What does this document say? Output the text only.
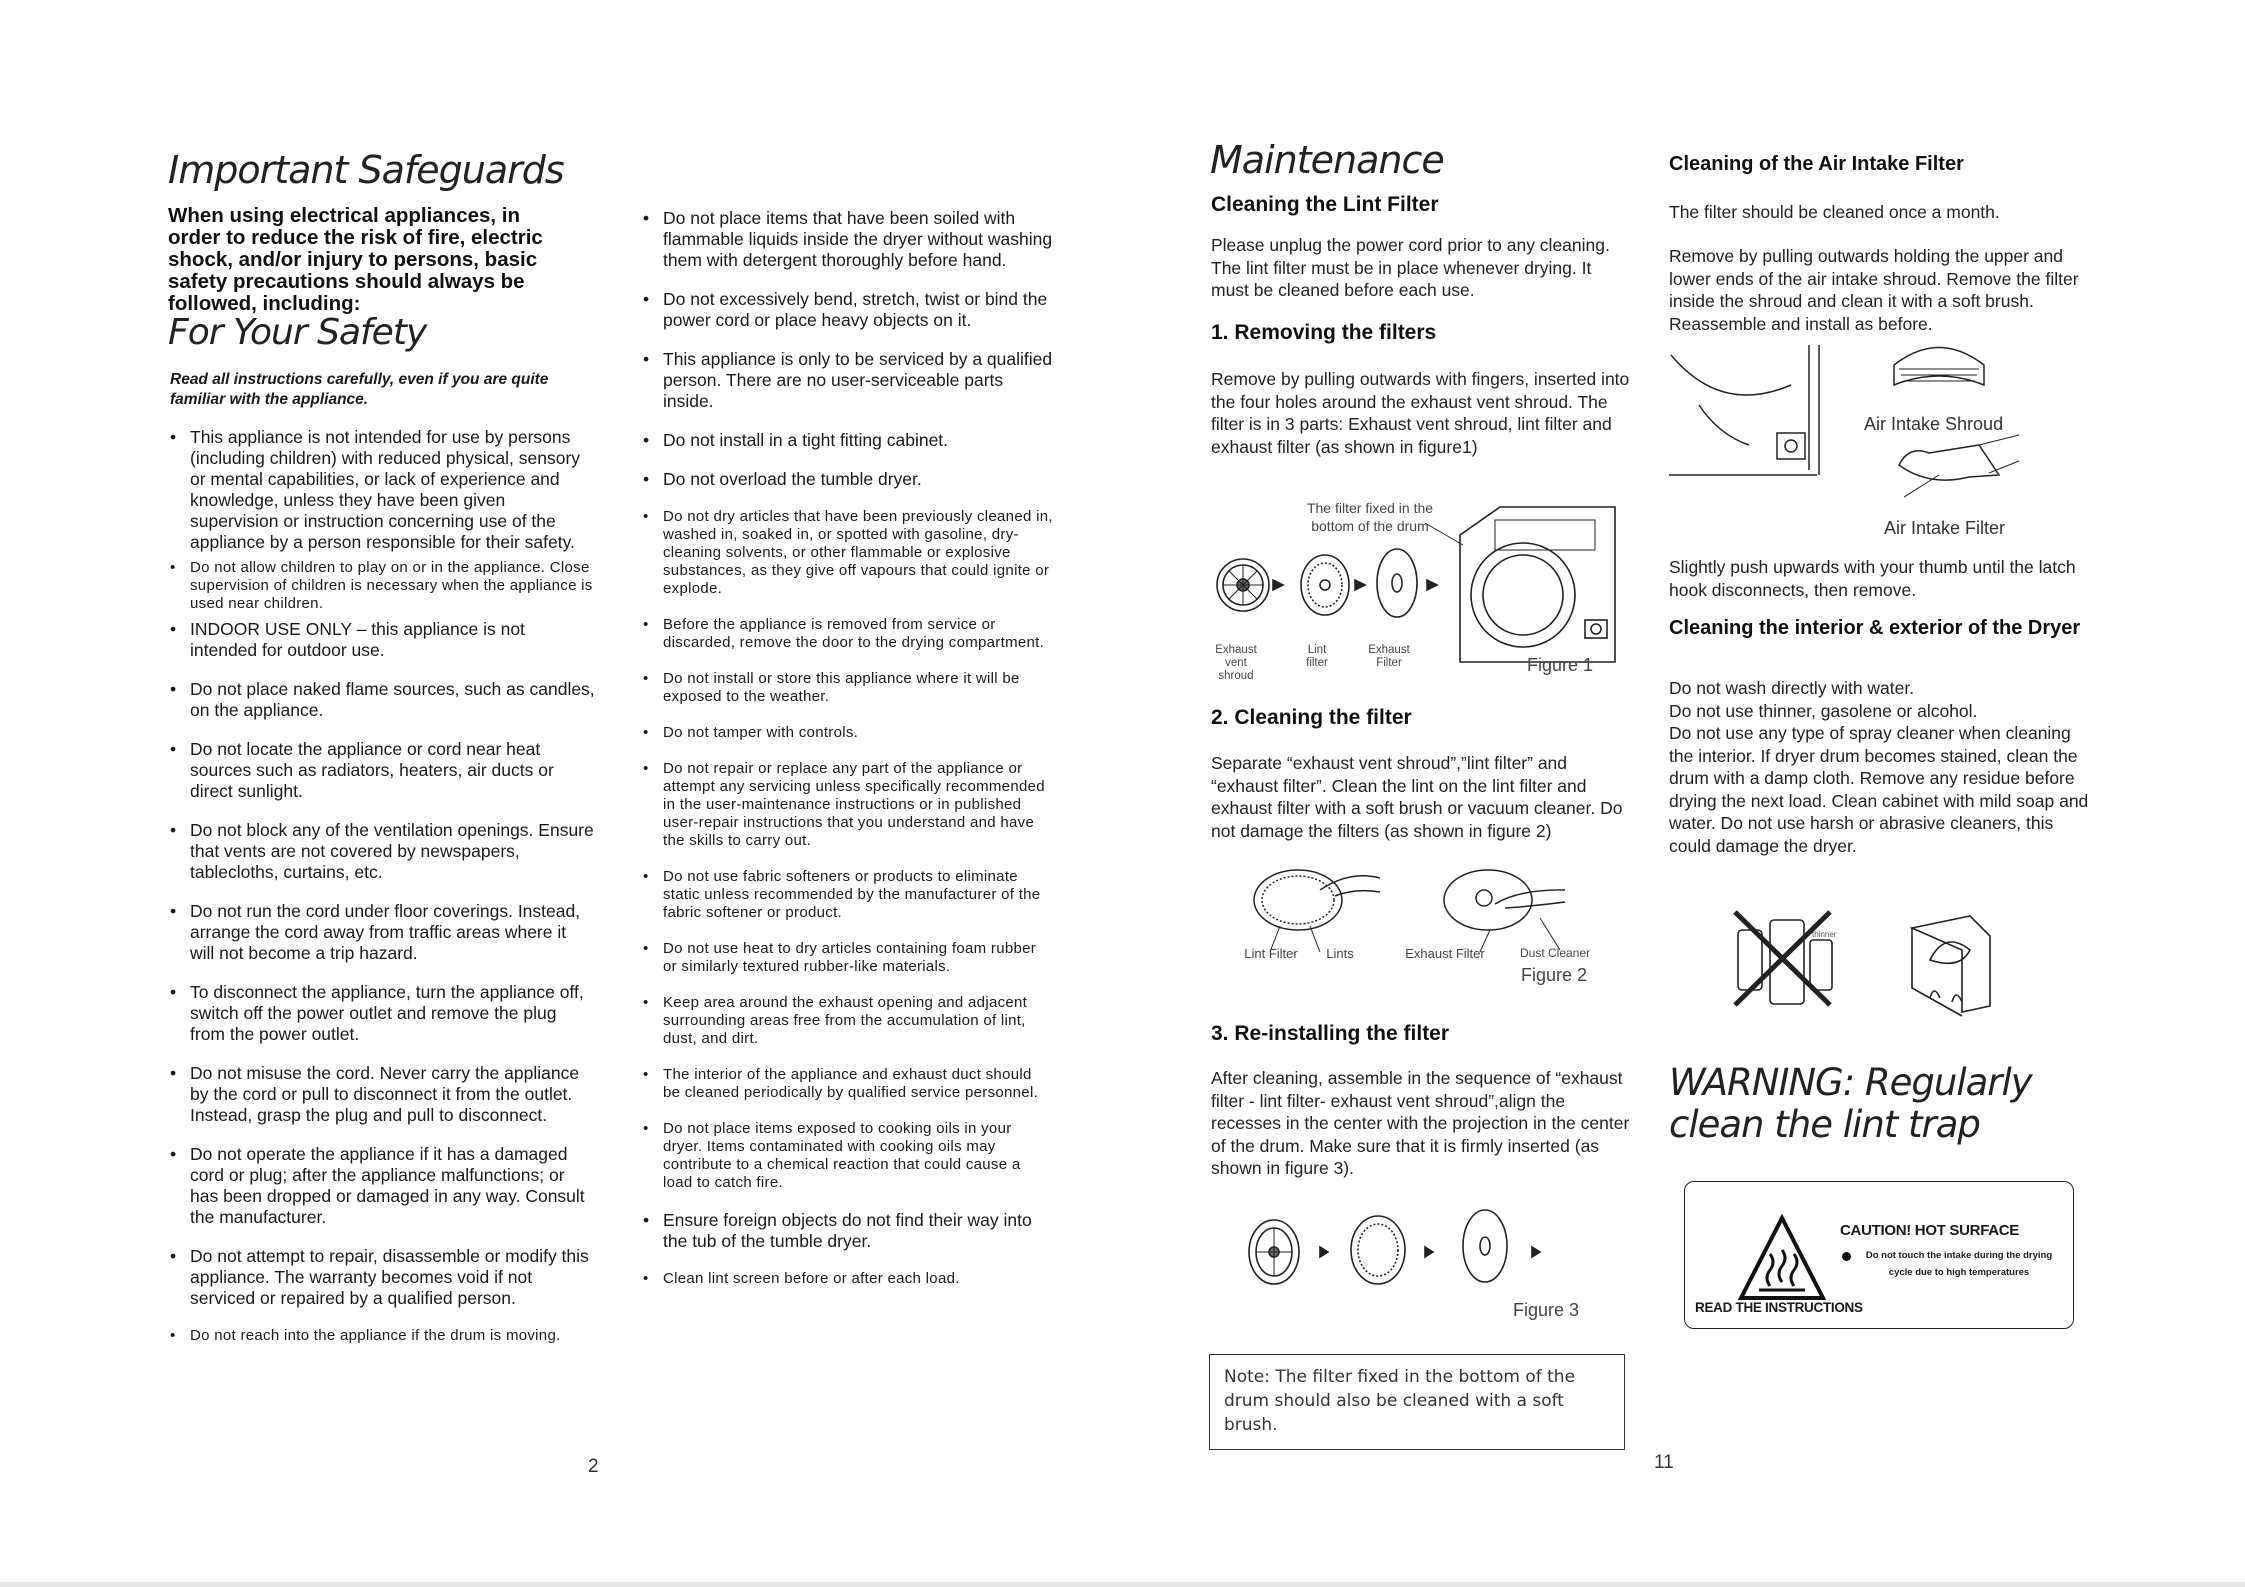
Important Safeguards
When using electrical appliances, in order to reduce the risk of fire, electric shock, and/or injury to persons, basic safety precautions should always be followed, including:
For Your Safety
Read all instructions carefully, even if you are quite familiar with the appliance.
• This appliance is not intended for use by persons (including children) with reduced physical, sensory or mental capabilities, or lack of experience and knowledge, unless they have been given supervision or instruction concerning use of the appliance by a person responsible for their safety.
• Do not allow children to play on or in the appliance. Close supervision of children is necessary when the appliance is used near children.
• INDOOR USE ONLY – this appliance is not intended for outdoor use.
• Do not place naked flame sources, such as candles, on the appliance.
• Do not locate the appliance or cord near heat sources such as radiators, heaters, air ducts or direct sunlight.
• Do not block any of the ventilation openings. Ensure that vents are not covered by newspapers, tablecloths, curtains, etc.
• Do not run the cord under floor coverings. Instead, arrange the cord away from traffic areas where it will not become a trip hazard.
• To disconnect the appliance, turn the appliance off, switch off the power outlet and remove the plug from the power outlet.
• Do not misuse the cord. Never carry the appliance by the cord or pull to disconnect it from the outlet. Instead, grasp the plug and pull to disconnect.
• Do not operate the appliance if it has a damaged cord or plug; after the appliance malfunctions; or has been dropped or damaged in any way. Consult the manufacturer.
• Do not attempt to repair, disassemble or modify this appliance. The warranty becomes void if not serviced or repaired by a qualified person.
• Do not reach into the appliance if the drum is moving.
• Do not place items that have been soiled with flammable liquids inside the dryer without washing them with detergent thoroughly before hand.
• Do not excessively bend, stretch, twist or bind the power cord or place heavy objects on it.
• This appliance is only to be serviced by a qualified person. There are no user-serviceable parts inside.
• Do not install in a tight fitting cabinet.
• Do not overload the tumble dryer.
• Do not dry articles that have been previously cleaned in, washed in, soaked in, or spotted with gasoline, dry-cleaning solvents, or other flammable or explosive substances, as they give off vapours that could ignite or explode.
• Before the appliance is removed from service or discarded, remove the door to the drying compartment.
• Do not install or store this appliance where it will be exposed to the weather.
• Do not tamper with controls.
• Do not repair or replace any part of the appliance or attempt any servicing unless specifically recommended in the user-maintenance instructions or in published user-repair instructions that you understand and have the skills to carry out.
• Do not use fabric softeners or products to eliminate static unless recommended by the manufacturer of the fabric softener or product.
• Do not use heat to dry articles containing foam rubber or similarly textured rubber-like materials.
• Keep area around the exhaust opening and adjacent surrounding areas free from the accumulation of lint, dust, and dirt.
• The interior of the appliance and exhaust duct should be cleaned periodically by qualified service personnel.
• Do not place items exposed to cooking oils in your dryer. Items contaminated with cooking oils may contribute to a chemical reaction that could cause a load to catch fire.
• Ensure foreign objects do not find their way into the tub of the tumble dryer.
• Clean lint screen before or after each load.
2
Maintenance
Cleaning the Lint Filter
Please unplug the power cord prior to any cleaning. The lint filter must be in place whenever drying. It must be cleaned before each use.
1. Removing the filters
Remove by pulling outwards with fingers, inserted into the four holes around the exhaust vent shroud. The filter is in 3 parts: Exhaust vent shroud, lint filter and exhaust filter (as shown in figure1)
The filter fixed in the bottom of the drum
Exhaust vent shroud
Lint filter
Exhaust Filter	Figure 1
2. Cleaning the filter
Separate “exhaust vent shroud”,”lint filter” and “exhaust filter”. Clean the lint on the lint filter and exhaust filter with a soft brush or vacuum cleaner. Do not damage the filters (as shown in figure 2)
Lint Filter	Lints	Exhaust Filter	Dust Cleaner
Figure 2
3. Re-installing the filter
After cleaning, assemble in the sequence of “exhaust filter - lint filter- exhaust vent shroud”,align the recesses in the center with the projection in the center of the drum. Make sure that it is firmly inserted (as shown in figure 3).
Figure 3
Note: The filter fixed in the bottom of the drum should also be cleaned with a soft brush.
11
Cleaning of the Air Intake Filter
The filter should be cleaned once a month.
Remove by pulling outwards holding the upper and lower ends of the air intake shroud. Remove the filter inside the shroud and clean it with a soft brush. Reassemble and install as before.
Air Intake Shroud
Air Intake Filter
Slightly push upwards with your thumb until the latch hook disconnects, then remove.
Cleaning the interior & exterior of the Dryer
Do not wash directly with water.
Do not use thinner, gasolene or alcohol.
Do not use any type of spray cleaner when cleaning the interior. If dryer drum becomes stained, clean the drum with a damp cloth. Remove any residue before drying the next load. Clean cabinet with mild soap and water. Do not use harsh or abrasive cleaners, this could damage the dryer.
thinner
WARNING: Regularly clean the lint trap
CAUTION! HOT SURFACE
Do not touch the intake during the drying cycle due to high temperatures
READ THE INSTRUCTIONS
